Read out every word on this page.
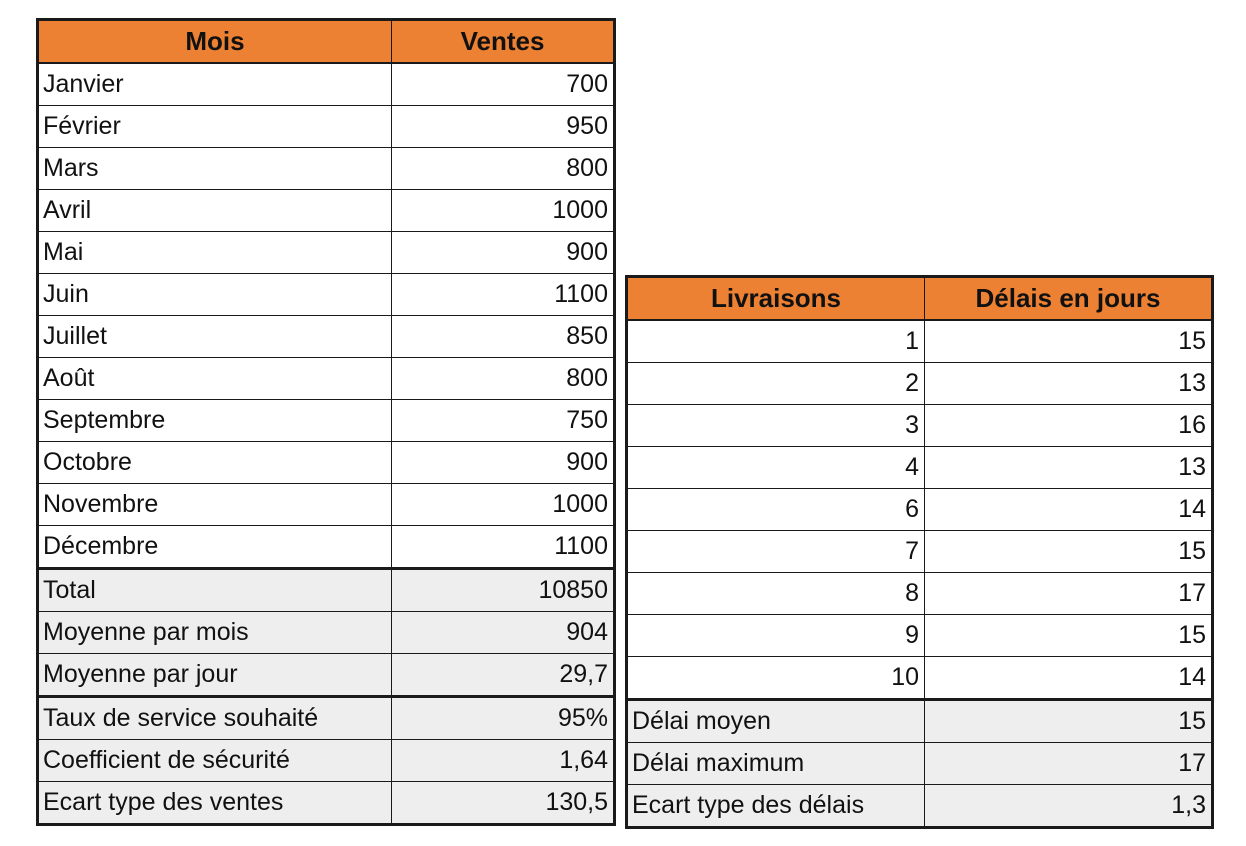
Mois	Ventes
Janvier	700
Février	950
Mars	800
Avril	1000
Mai	900
Juin	1100
Juillet	850
Août	800
Septembre	750
Octobre	900
Novembre	1000
Décembre	1100
Total	10850
Moyenne par mois	904
Moyenne par jour	29,7
Taux de service souhaité	95%
Coefficient de sécurité	1,64
Ecart type des ventes	130,5
Livraisons	Délais en jours
1	15
2	13
3	16
4	13
6	14
7	15
8	17
9	15
10	14
Délai moyen	15
Délai maximum	17
Ecart type des délais	1,3
